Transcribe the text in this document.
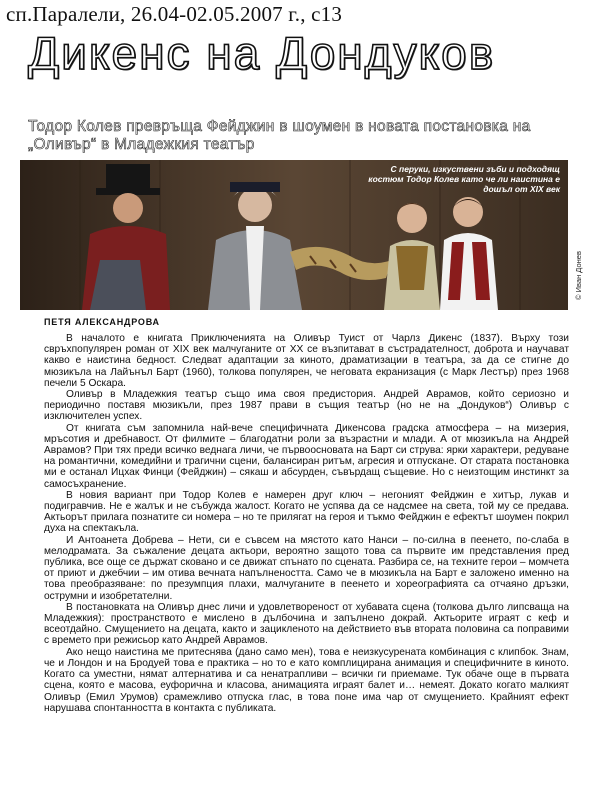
сп.Паралели, 26.04-02.05.2007 г., с13
Дикенс на Дондуков
Тодор Колев превръща Фейджин в шоумен в новата постановка на „Оливър“ в Младежкия театър
С перуки, изкуствени зъби и подходящ костюм Тодор Колев като че ли наистина е дошъл от XIX век
© Иван Донев
ПЕТЯ АЛЕКСАНДРОВА

В началото е книгата Приключенията на Оливър Туист от Чарлз Дикенс (1837). Върху този свръхпопулярен роман от XIX век малчуганите от XX се възпитават в състрадателност, доброта и научават какво е наистина бедност. Следват адаптации за киното, драматизации в театъра, за да се стигне до мюзикъла на Лайънъл Барт (1960), толкова популярен, че неговата екранизация (с Марк Лестър) през 1968 печели 5 Оскара.

Оливър в Младежкия театър също има своя предистория. Андрей Аврамов, който сериозно и периодично поставя мюзикъли, през 1987 прави в същия театър (но не на „Дондуков“) Оливър с изключителен успех.

От книгата съм запомнила най-вече специфичната Дикенсова градска атмосфера – на мизерия, мръсотия и дребнавост. От филмите – благодатни роли за възрастни и млади. А от мюзикъла на Андрей Аврамов? При тях преди всичко веднага личи, че първоосновата на Барт си струва: ярки характери, редуване на романтични, комедийни и трагични сцени, балансиран ритъм, агресия и отпускане. От старата постановка ми е останал Ицхак Финци (Фейджин) – сякаш и абсурден, съвърдащ същевие. Но с неизтощим инстинкт за самосъхранение.

В новия вариант при Тодор Колев е намерен друг ключ – негоният Фейджин е хитър, лукав и подигравчив. Не е жалък и не събужда жалост. Когато не успява да се надсмее на света, той му се предава. Актьорът прилага познатите си номера – но те прилягат на героя и тъкмо Фейджин е ефектът шоумен покрил духа на спектакъла.

И Антоанета Добрева – Нети, си е съвсем на мястото като Нанси – по-силна в пеенето, по-слаба в мелодрамата. За съжаление децата актьори, вероятно защото това са първите им представления пред публика, все още се държат сковано и се движат спънато по сцената. Разбира се, на техните герои – момчета от приют и джебчии – им отива вечната напълнеността. Само че в мюзикъла на Барт е заложено именно на това преобразяване: по презумпция плахи, малчуганите в пеенето и хореографията са отчаяно дръзки, острумни и изобретателни.

В постановката на Оливър днес личи и удовлетвореност от хубавата сцена (толкова дълго липсваща на Младежкия): пространството е мислено в дълбочина и запълнено докрай. Актьорите играят с кеф и всеотдайно. Смущението на децата, както и зацикленото на действието във втората половина са поправими с времето при режисьор като Андрей Аврамов.

Ако нещо наистина ме притеснява (дано само мен), това е неизкусурената комбинация с клипбок. Знам, че и Лондон и на Бродуей това е практика – но то е като комплицирана анимация и специфичните в киното. Когато са уместни, нямат алтернатива и са ненатрапливи – всички ги приемаме. Тук обаче още в първата сцена, която е масова, еуфорична и класова, анимацията играят балет и… немеят. Докато когато малкият Оливър (Емил Урумов) срамежливо отпуска глас, в това поне има чар от смущението. Крайният ефект нарушава спонтанността в контакта с публиката.
